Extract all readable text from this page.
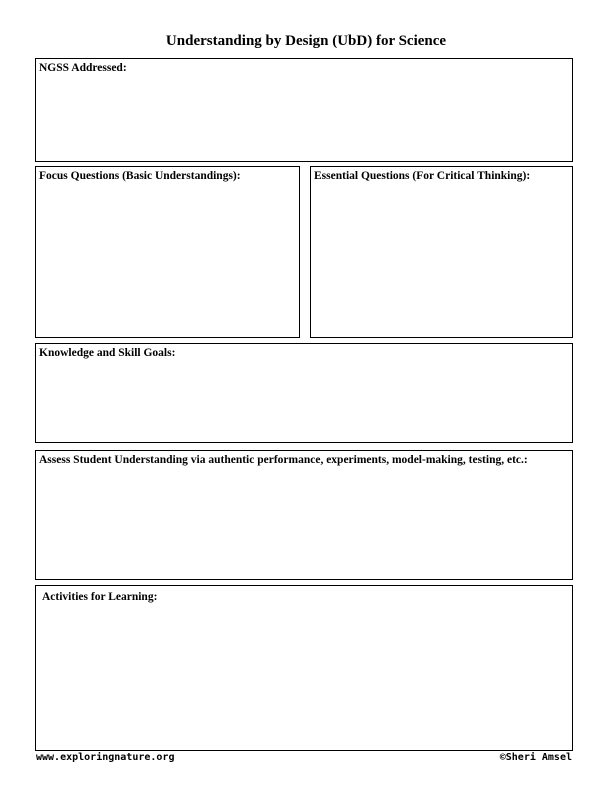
Understanding by Design (UbD) for Science
NGSS Addressed:
Focus Questions (Basic Understandings):	Essential Questions (For Critical Thinking):
Knowledge and Skill Goals:
Assess Student Understanding via authentic performance, experiments, model-making, testing, etc.:
Activities for Learning:
www.exploringnature.org	©Sheri Amsel
